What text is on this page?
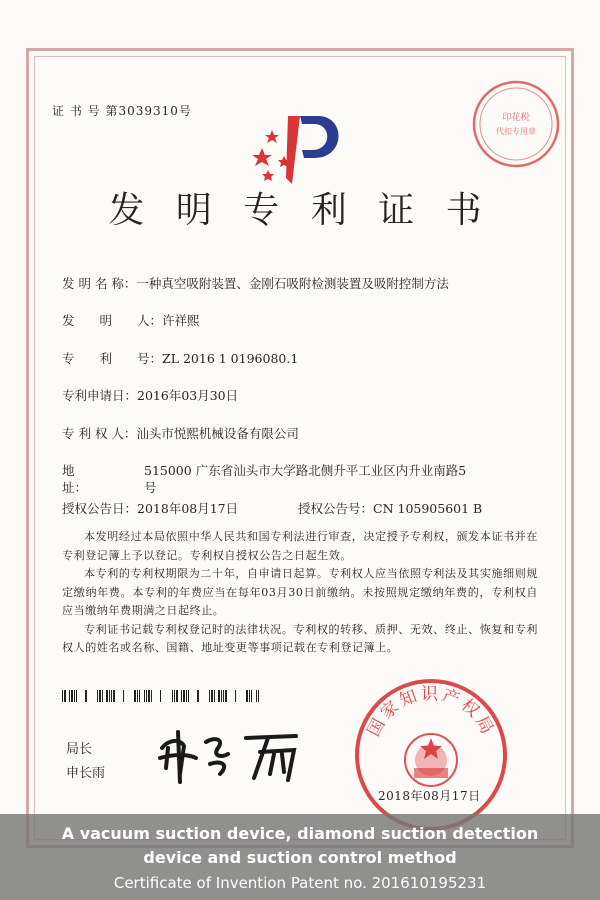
证 书 号 第3039310号	印花税
代扣专用章
发 明 专 利 证 书
发 明 名 称：一种真空吸附装置、金刚石吸附检测装置及吸附控制方法
发　　明　　人：许祥熙
专　　利　　号：ZL 2016 1 0196080.1
专利申请日：2016年03月30日
专 利 权 人：汕头市悦熙机械设备有限公司
地　　　　址：515000 广东省汕头市大学路北侧升平工业区内升业南路5号
授权公告日：2018年08月17日	授权公告号：CN 105905601 B

本发明经过本局依照中华人民共和国专利法进行审查，决定授予专利权，颁发本证书并在专利登记簿上予以登记。专利权自授权公告之日起生效。

本专利的专利权期限为二十年，自申请日起算。专利权人应当依照专利法及其实施细则规定缴纳年费。本专利的年费应当在每年03月30日前缴纳。未按照规定缴纳年费的，专利权自应当缴纳年费期满之日起终止。

专利证书记载专利权登记时的法律状况。专利权的转移、质押、无效、终止、恢复和专利权人的姓名或名称、国籍、地址变更等事项记载在专利登记簿上。

局长
申长雨
国家知识产权局
2018年08月17日
A vacuum suction device, diamond suction detection
device and suction control method
Certificate of Invention Patent no. 201610195231
